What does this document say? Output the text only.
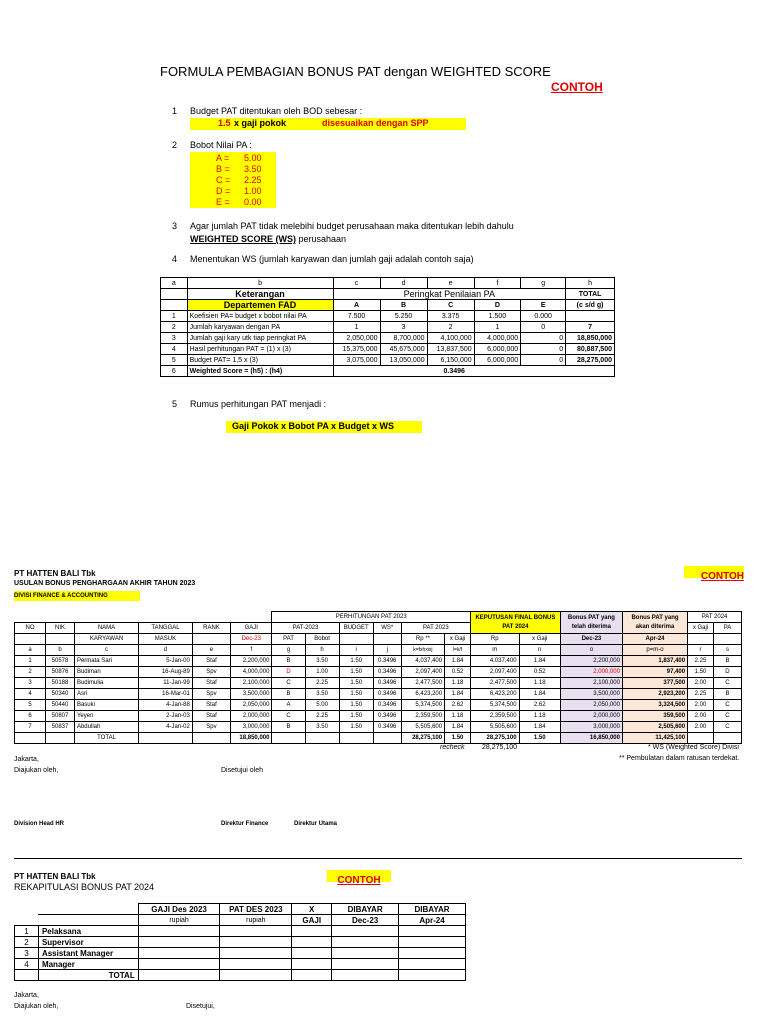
FORMULA PEMBAGIAN BONUS PAT dengan WEIGHTED SCORE
CONTOH
1 Budget PAT ditentukan oleh BOD sebesar :
1.5 x gaji pokok	disesuaikan dengan SPP
2 Bobot Nilai PA :
A = 5.00
B = 3.50
C = 2.25
D = 1.00
E = 0.00
3 Agar jumlah PAT tidak melebihi budget perusahaan maka ditentukan lebih dahulu
WEIGHTED SCORE (WS) perusahaan
4 Menentukan WS (jumlah karyawan dan jumlah gaji adalah contoh saja)
a	b	c	d	e	f	g	h
	Keterangan	Peringkat Penilaian PA					TOTAL
	Departemen FAD	A	B	C	D	E	(c s/d g)
1	Koefisien PA= budget x bobot nilai PA	7.500	5.250	3.375	1.500	0.000	
2	Jumlah karyawan dengan PA	1	3	2	1	0	7
3	Jumlah gaji kary utk tiap peringkat PA	2,050,000	8,700,000	4,100,000	4,000,000	0	18,850,000
4	Hasil perhitungan PAT = (1) x (3)	15,375,000	45,675,000	13,837,500	6,000,000	0	80,887,500
5	Budget PAT= 1,5 x (3)	3,075,000	13,050,000	6,150,000	6,000,000	0	28,275,000
6	Weighted Score = (h5) : (h4)	0.3496					
5 Rumus perhitungan PAT menjadi :
Gaji Pokok x Bobot PA x Budget x WS
PT HATTEN BALI Tbk
USULAN BONUS PENGHARGAAN AKHIR TAHUN 2023
DIVISI FINANCE & ACCOUNTING
CONTOH
						PERHITUNGAN PAT 2023						KEPUTUSAN FINAL BONUS PAT 2024		Bonus PAT yang telah diterima	Bonus PAT yang akan diterima	PAT 2024	
NO	NIK	NAMA	TANGGAL	RANK	GAJI	PAT-2023		BUDGET	WS*	PAT 2023						x Gaji	PA
		KARYAWAN	MASUK		Dec-23	PAT	Bobot			Rp **	x Gaji	Rp	x Gaji	Dec-23	Apr-24		
a	b	c	d	e	f	g	h	i	j	k=fxhxixj	l=k/f	m	n	o	p=m-o	r	s
1	50578	Permata Sari	5-Jan-00	Staf	2,200,000	B	3.50	1.50	0.3496	4,037,400	1.84	4,037,400	1.84	2,200,000	1,837,400	2.25	B
2	50876	Budiman	16-Aug-89	Spv	4,000,000	D	1.00	1.50	0.3496	2,097,400	0.52	2,097,400	0.52	2,000,000	97,400	1.50	D
3	50188	Budimulia	11-Jan-99	Staf	2,100,000	C	2.25	1.50	0.3496	2,477,500	1.18	2,477,500	1.18	2,100,000	377,500	2.00	C
4	50340	Asri	16-Mar-01	Spv	3,500,000	B	3.50	1.50	0.3496	6,423,200	1.84	6,423,200	1.84	3,500,000	2,923,200	2.25	B
5	50440	Basuki	4-Jan-88	Staf	2,050,000	A	5.00	1.50	0.3496	5,374,500	2.62	5,374,500	2.62	2,050,000	3,324,500	2.00	C
6	50807	Yeyen	2-Jan-03	Staf	2,000,000	C	2.25	1.50	0.3496	2,359,500	1.18	2,359,500	1.18	2,000,000	359,500	2.00	C
7	50837	Abdullah	4-Jan-02	Spv	3,000,000	B	3.50	1.50	0.3496	5,505,600	1.84	5,505,600	1.84	3,000,000	2,505,600	2.00	C
		TOTAL			18,850,000					28,275,100	1.50	28,275,100	1.50	16,850,000	11,425,100		
recheck 28,275,100	* WS (Weighted Score) Divisi
** Pembulatan dalam ratusan terdekat.
Jakarta,
Diajukan oleh,	Disetujui oleh
Division Head HR	Direktur Finance	Direktur Utama
PT HATTEN BALI Tbk
REKAPITULASI BONUS PAT 2024
CONTOH
		GAJI Des 2023	PAT DES 2023	X	DIBAYAR	DIBAYAR
		rupiah	rupiah	GAJI	Dec-23	Apr-24
1	Pelaksana					
2	Supervisor					
3	Assistant Manager					
4	Manager					
	TOTAL					
Jakarta,
Diajukan oleh,	Disetujui,
